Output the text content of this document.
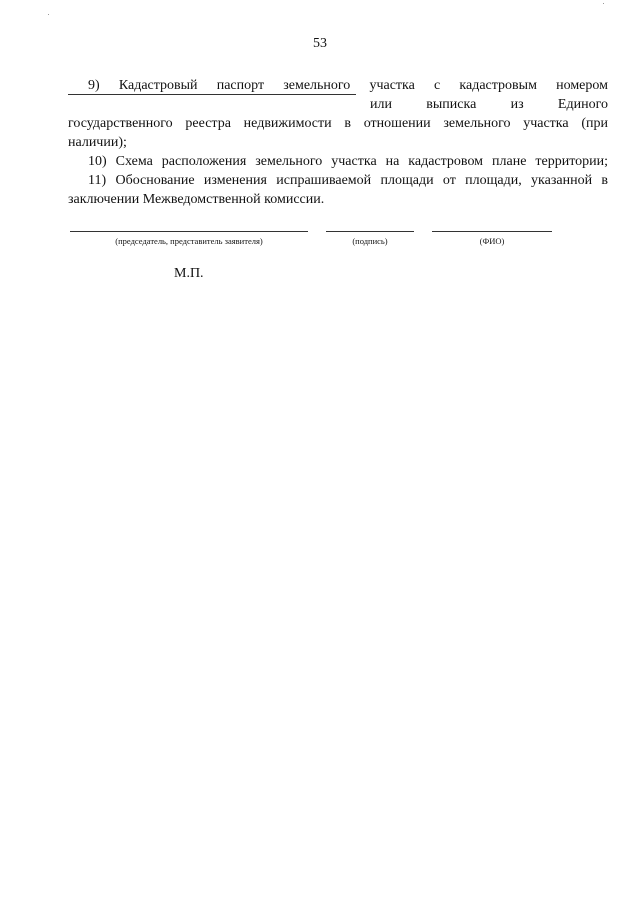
53

9) Кадастровый паспорт земельного участка с кадастровым номером

или выписка из Единого

государственного реестра недвижимости в отношении земельного участка (при

наличии);

10) Схема расположения земельного участка на кадастровом плане территории;

11) Обоснование изменения испрашиваемой площади от площади, указанной в

заключении Межведомственной комиссии.

(председатель, представитель заявителя)	(подпись)	(ФИО)
М.П.
